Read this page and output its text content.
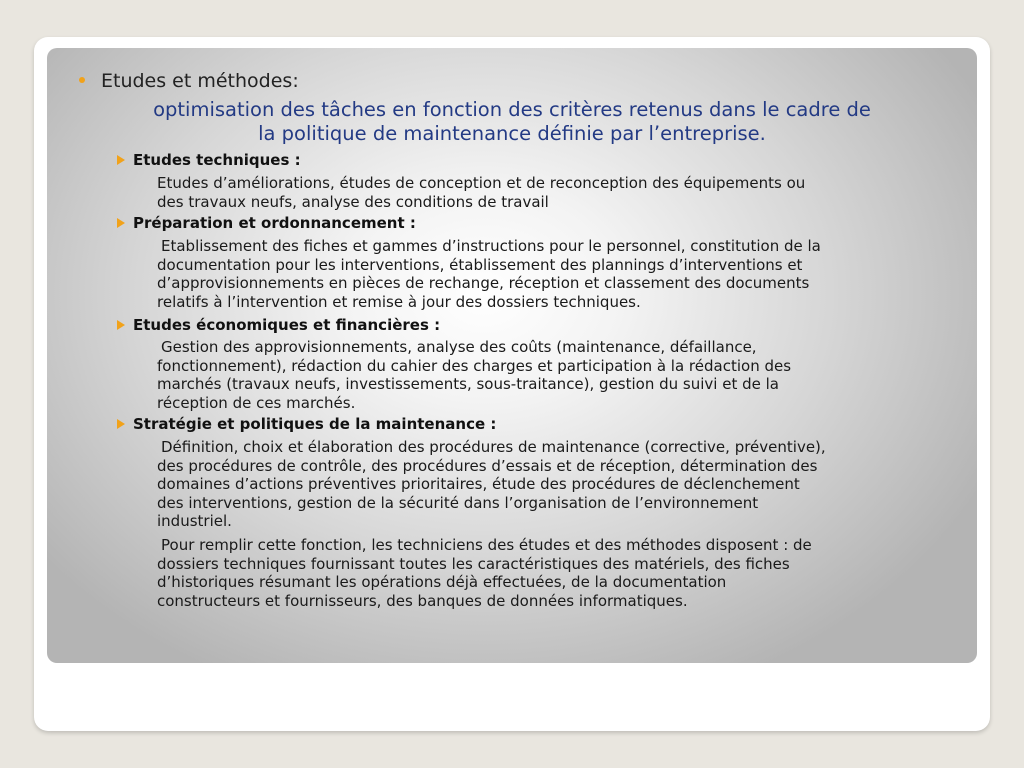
Etudes et méthodes:
optimisation des tâches en fonction des critères retenus dans le cadre de
la politique de maintenance définie par l’entreprise.
Etudes techniques :
Etudes d’améliorations, études de conception et de reconception des équipements ou
des travaux neufs, analyse des conditions de travail
Préparation et ordonnancement :
Etablissement des fiches et gammes d’instructions pour le personnel, constitution de la
documentation pour les interventions, établissement des plannings d’interventions et
d’approvisionnements en pièces de rechange, réception et classement des documents
relatifs à l’intervention et remise à jour des dossiers techniques.
Etudes économiques et financières :
Gestion des approvisionnements, analyse des coûts (maintenance, défaillance,
fonctionnement), rédaction du cahier des charges et participation à la rédaction des
marchés (travaux neufs, investissements, sous-traitance), gestion du suivi et de la
réception de ces marchés.
Stratégie et politiques de la maintenance :
Définition, choix et élaboration des procédures de maintenance (corrective, préventive),
des procédures de contrôle, des procédures d’essais et de réception, détermination des
domaines d’actions préventives prioritaires, étude des procédures de déclenchement
des interventions, gestion de la sécurité dans l’organisation de l’environnement
industriel.
Pour remplir cette fonction, les techniciens des études et des méthodes disposent : de
dossiers techniques fournissant toutes les caractéristiques des matériels, des fiches
d’historiques résumant les opérations déjà effectuées, de la documentation
constructeurs et fournisseurs, des banques de données informatiques.
